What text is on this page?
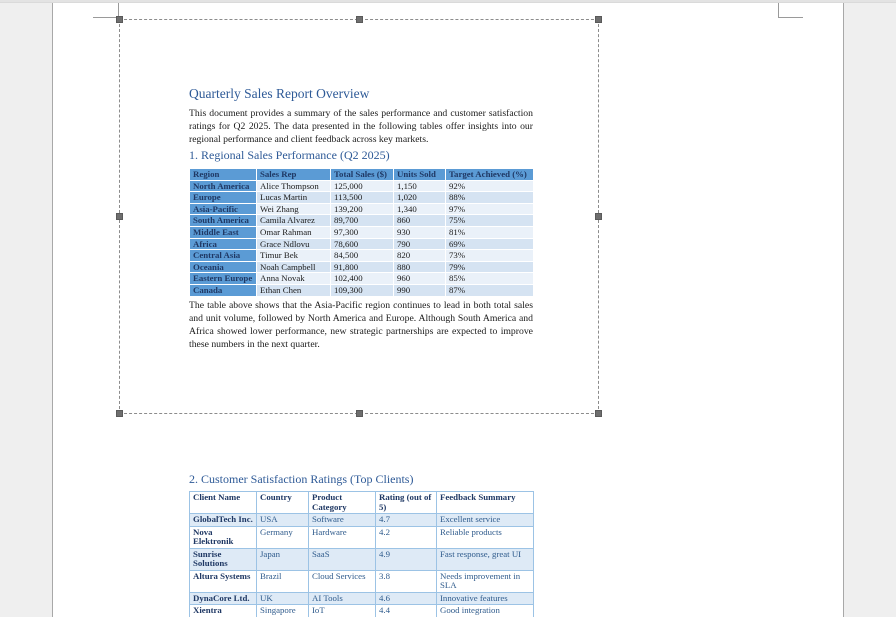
Quarterly Sales Report Overview
This document provides a summary of the sales performance and customer satisfaction ratings for Q2 2025. The data presented in the following tables offer insights into our regional performance and client feedback across key markets.
1. Regional Sales Performance (Q2 2025)
Region	Sales Rep	Total Sales ($)	Units Sold	Target Achieved (%)
North America	Alice Thompson	125,000	1,150	92%
Europe	Lucas Martin	113,500	1,020	88%
Asia-Pacific	Wei Zhang	139,200	1,340	97%
South America	Camila Alvarez	89,700	860	75%
Middle East	Omar Rahman	97,300	930	81%
Africa	Grace Ndlovu	78,600	790	69%
Central Asia	Timur Bek	84,500	820	73%
Oceania	Noah Campbell	91,800	880	79%
Eastern Europe	Anna Novak	102,400	960	85%
Canada	Ethan Chen	109,300	990	87%
The table above shows that the Asia-Pacific region continues to lead in both total sales and unit volume, followed by North America and Europe. Although South America and Africa showed lower performance, new strategic partnerships are expected to improve these numbers in the next quarter.
2. Customer Satisfaction Ratings (Top Clients)
Client Name	Country	Product Category	Rating (out of 5)	Feedback Summary
GlobalTech Inc.	USA	Software	4.7	Excellent service
Nova Elektronik	Germany	Hardware	4.2	Reliable products
Sunrise Solutions	Japan	SaaS	4.9	Fast response, great UI
Altura Systems	Brazil	Cloud Services	3.8	Needs improvement in SLA
DynaCore Ltd.	UK	AI Tools	4.6	Innovative features
Xientra	Singapore	IoT	4.4	Good integration
